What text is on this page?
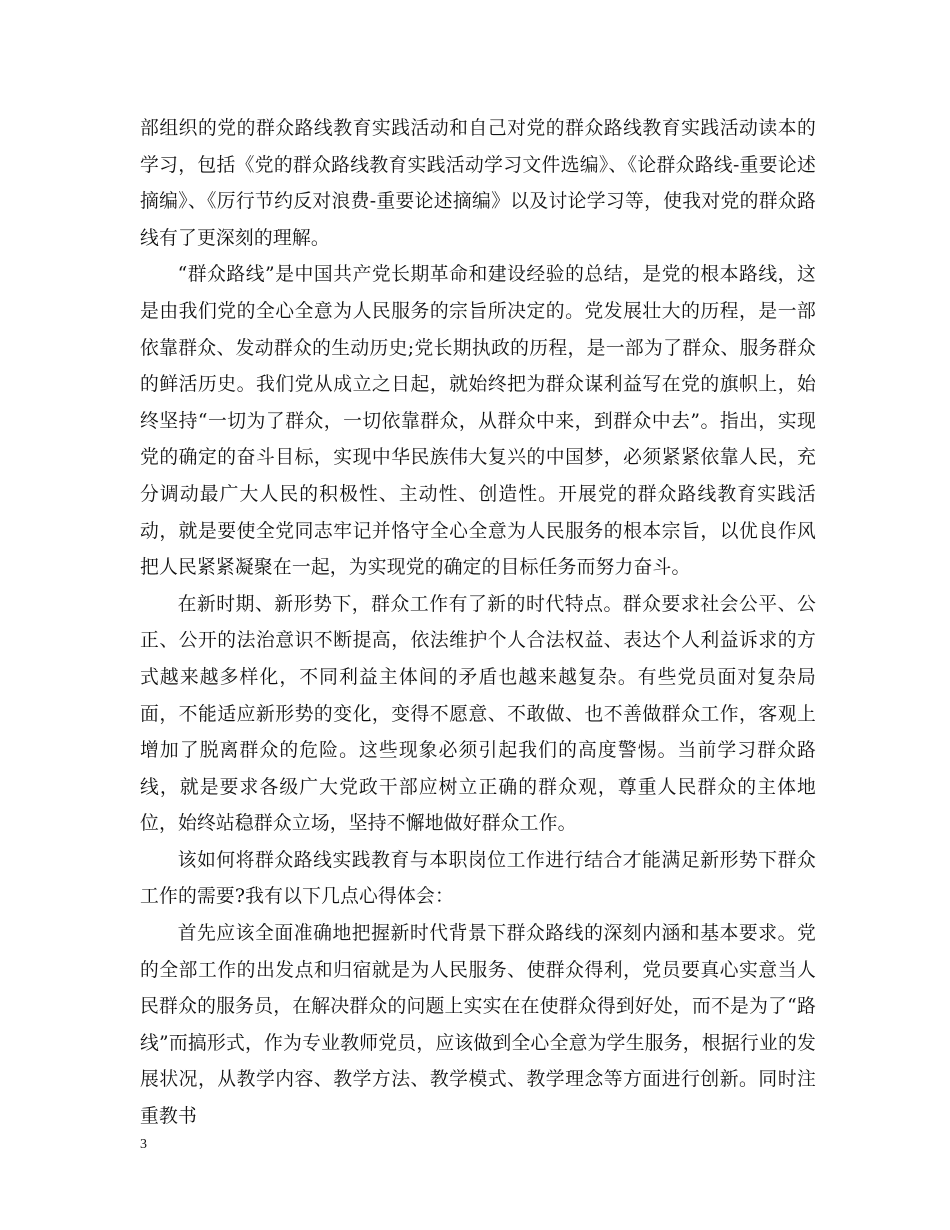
部组织的党的群众路线教育实践活动和自己对党的群众路线教育实践活动读本的学习，包括《党的群众路线教育实践活动学习文件选编》、《论群众路线-重要论述摘编》、《厉行节约反对浪费-重要论述摘编》以及讨论学习等，使我对党的群众路线有了更深刻的理解。

“群众路线”是中国共产党长期革命和建设经验的总结，是党的根本路线，这是由我们党的全心全意为人民服务的宗旨所决定的。党发展壮大的历程，是一部依靠群众、发动群众的生动历史;党长期执政的历程，是一部为了群众、服务群众的鲜活历史。我们党从成立之日起，就始终把为群众谋利益写在党的旗帜上，始终坚持“一切为了群众，一切依靠群众，从群众中来，到群众中去”。指出，实现党的确定的奋斗目标，实现中华民族伟大复兴的中国梦，必须紧紧依靠人民，充分调动最广大人民的积极性、主动性、创造性。开展党的群众路线教育实践活动，就是要使全党同志牢记并恪守全心全意为人民服务的根本宗旨，以优良作风把人民紧紧凝聚在一起，为实现党的确定的目标任务而努力奋斗。

在新时期、新形势下，群众工作有了新的时代特点。群众要求社会公平、公正、公开的法治意识不断提高，依法维护个人合法权益、表达个人利益诉求的方式越来越多样化，不同利益主体间的矛盾也越来越复杂。有些党员面对复杂局面，不能适应新形势的变化，变得不愿意、不敢做、也不善做群众工作，客观上增加了脱离群众的危险。这些现象必须引起我们的高度警惕。当前学习群众路线，就是要求各级广大党政干部应树立正确的群众观，尊重人民群众的主体地位，始终站稳群众立场，坚持不懈地做好群众工作。

该如何将群众路线实践教育与本职岗位工作进行结合才能满足新形势下群众工作的需要?我有以下几点心得体会：

首先应该全面准确地把握新时代背景下群众路线的深刻内涵和基本要求。党的全部工作的出发点和归宿就是为人民服务、使群众得利，党员要真心实意当人民群众的服务员，在解决群众的问题上实实在在使群众得到好处，而不是为了“路线”而搞形式，作为专业教师党员，应该做到全心全意为学生服务，根据行业的发展状况，从教学内容、教学方法、教学模式、教学理念等方面进行创新。同时注重教书

3
